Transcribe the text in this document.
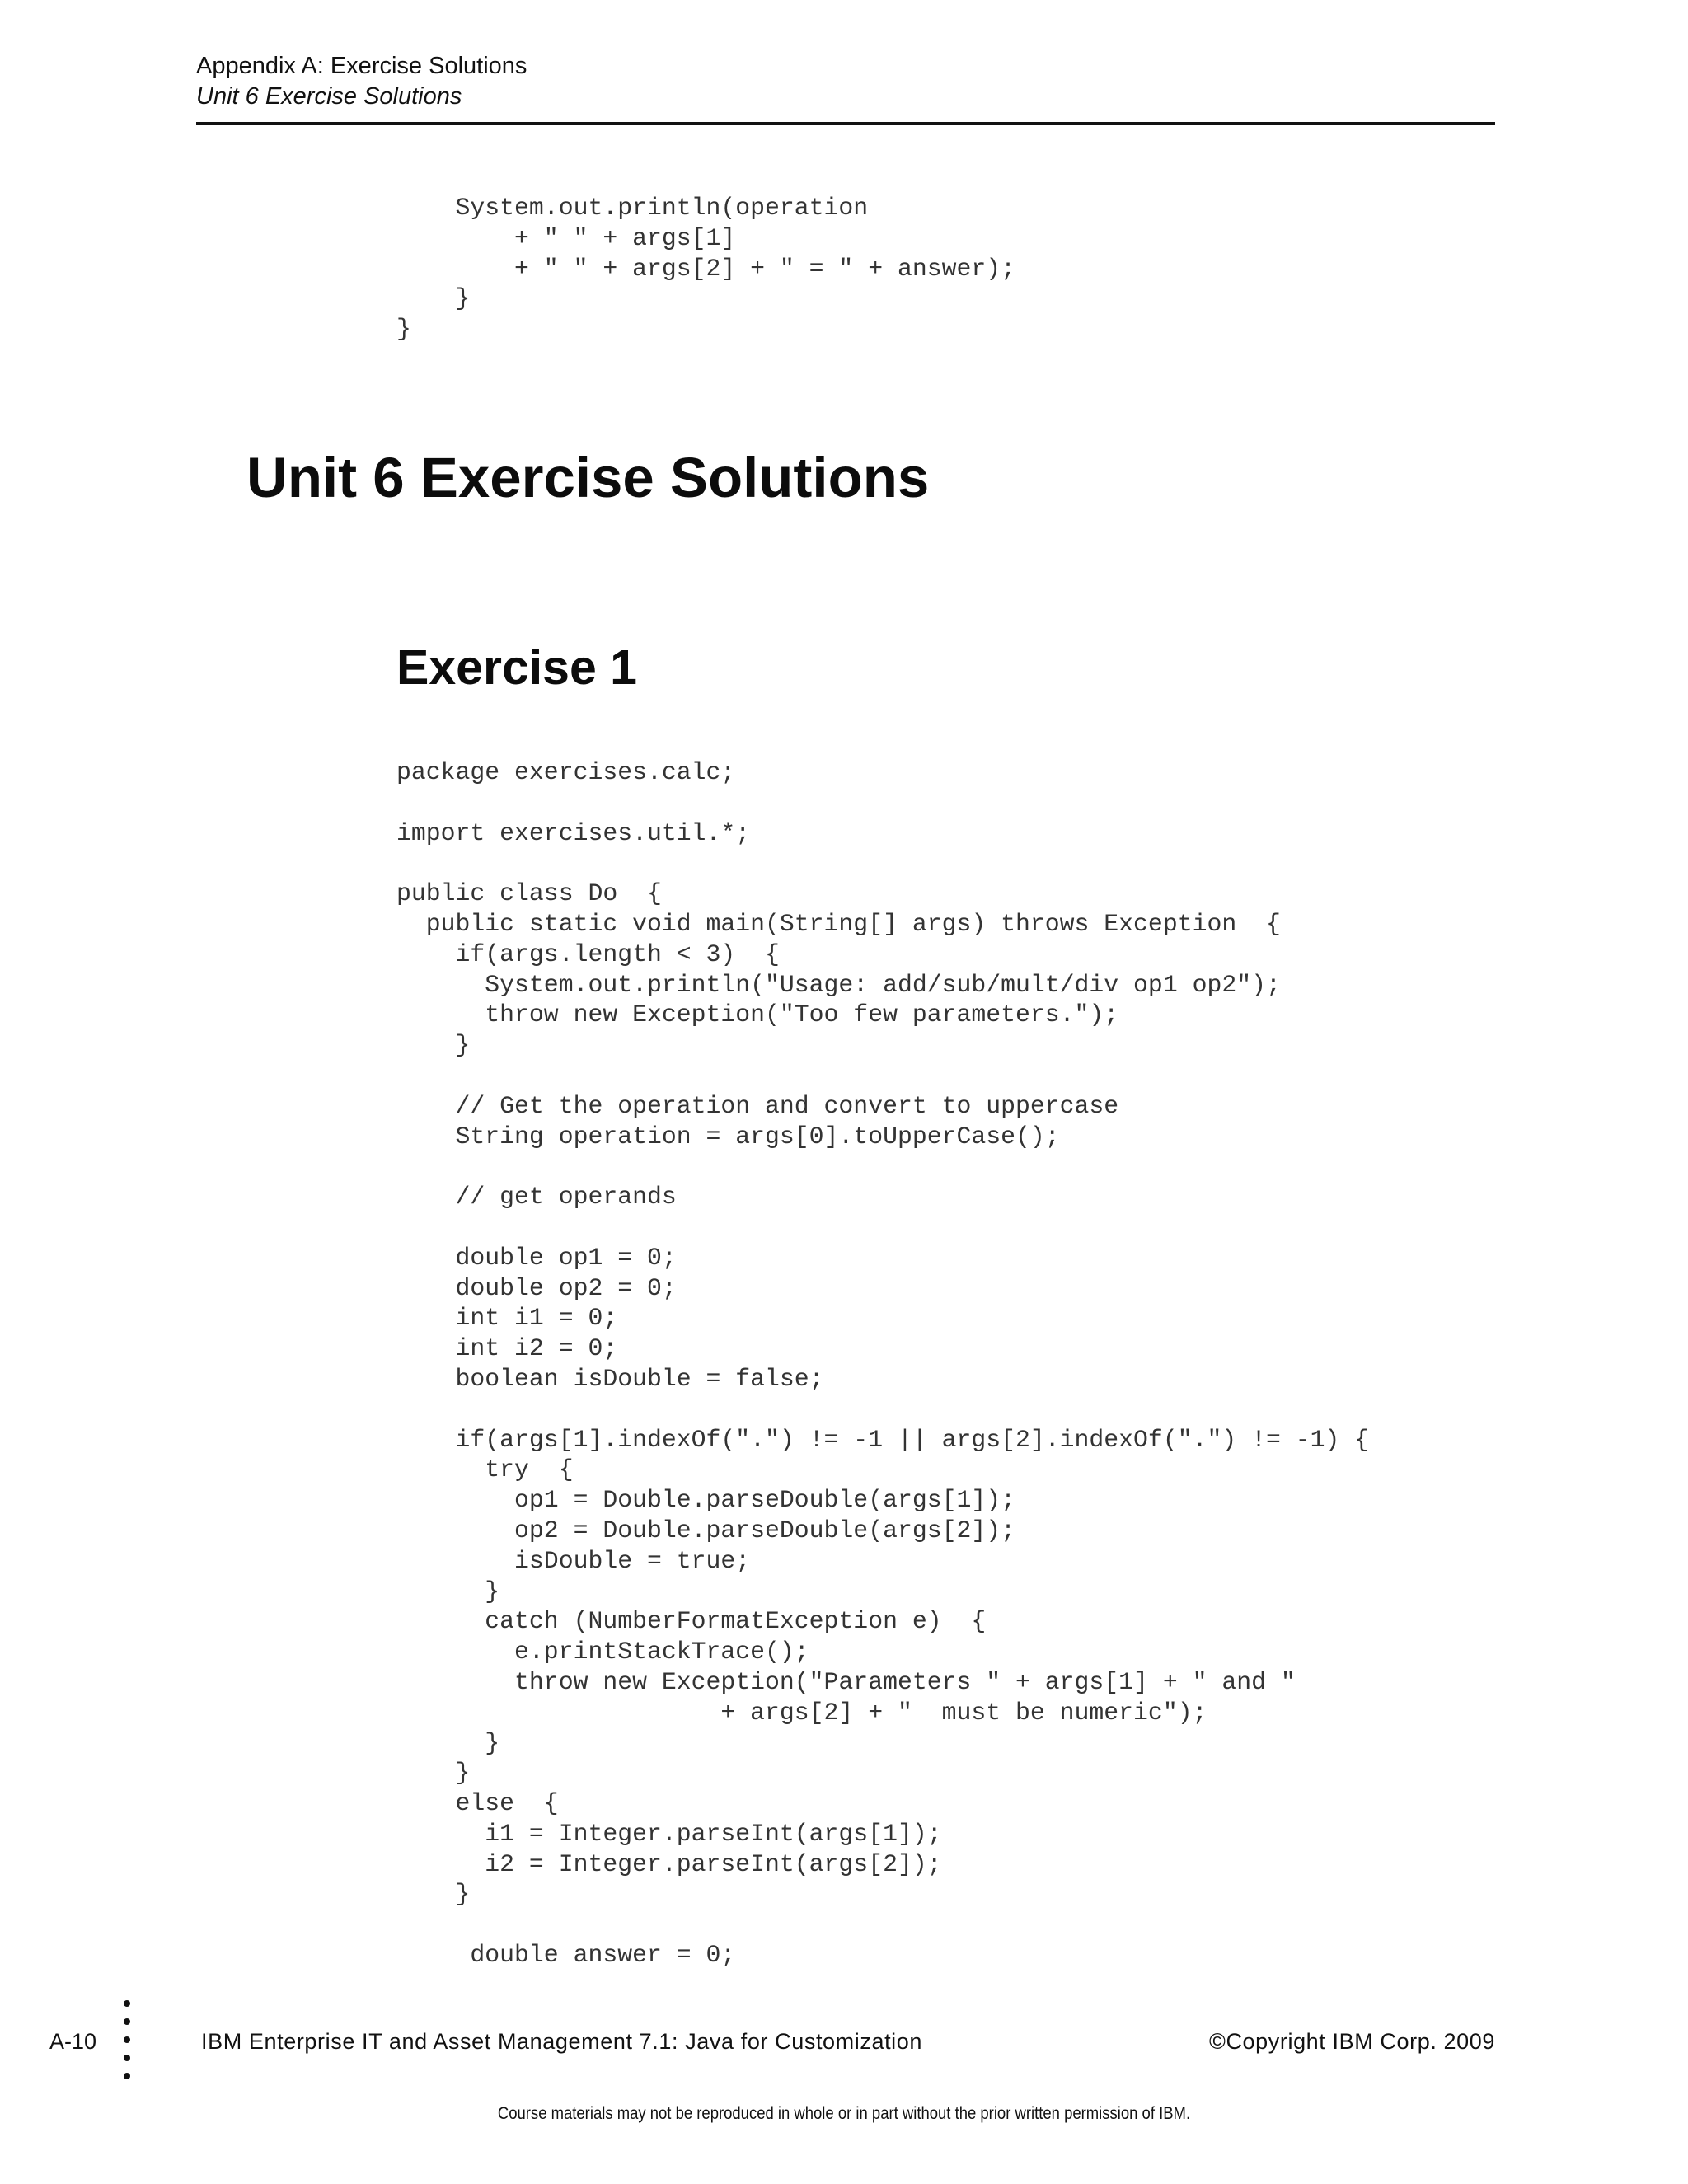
Appendix A: Exercise Solutions
Unit 6 Exercise Solutions
System.out.println(operation
+ " " + args[1]
+ " " + args[2] + " = " + answer);
}
}
Unit 6 Exercise Solutions
Exercise 1
package exercises.calc;
import exercises.util.*;
public class Do  {
public static void main(String[] args) throws Exception  {
if(args.length < 3)  {
System.out.println("Usage: add/sub/mult/div op1 op2");
throw new Exception("Too few parameters.");
}
// Get the operation and convert to uppercase
String operation = args[0].toUpperCase();
// get operands
double op1 = 0;
double op2 = 0;
int i1 = 0;
int i2 = 0;
boolean isDouble = false;
if(args[1].indexOf(".") != -1 || args[2].indexOf(".") != -1) {
try  {
op1 = Double.parseDouble(args[1]);
op2 = Double.parseDouble(args[2]);
isDouble = true;
}
catch (NumberFormatException e)  {
e.printStackTrace();
throw new Exception("Parameters " + args[1] + " and "
+ args[2] + "  must be numeric");
}
}
else  {
i1 = Integer.parseInt(args[1]);
i2 = Integer.parseInt(args[2]);
}
double answer = 0;
A-10	IBM Enterprise IT and Asset Management 7.1: Java for Customization	©Copyright IBM Corp. 2009
Course materials may not be reproduced in whole or in part without the prior written permission of IBM.
